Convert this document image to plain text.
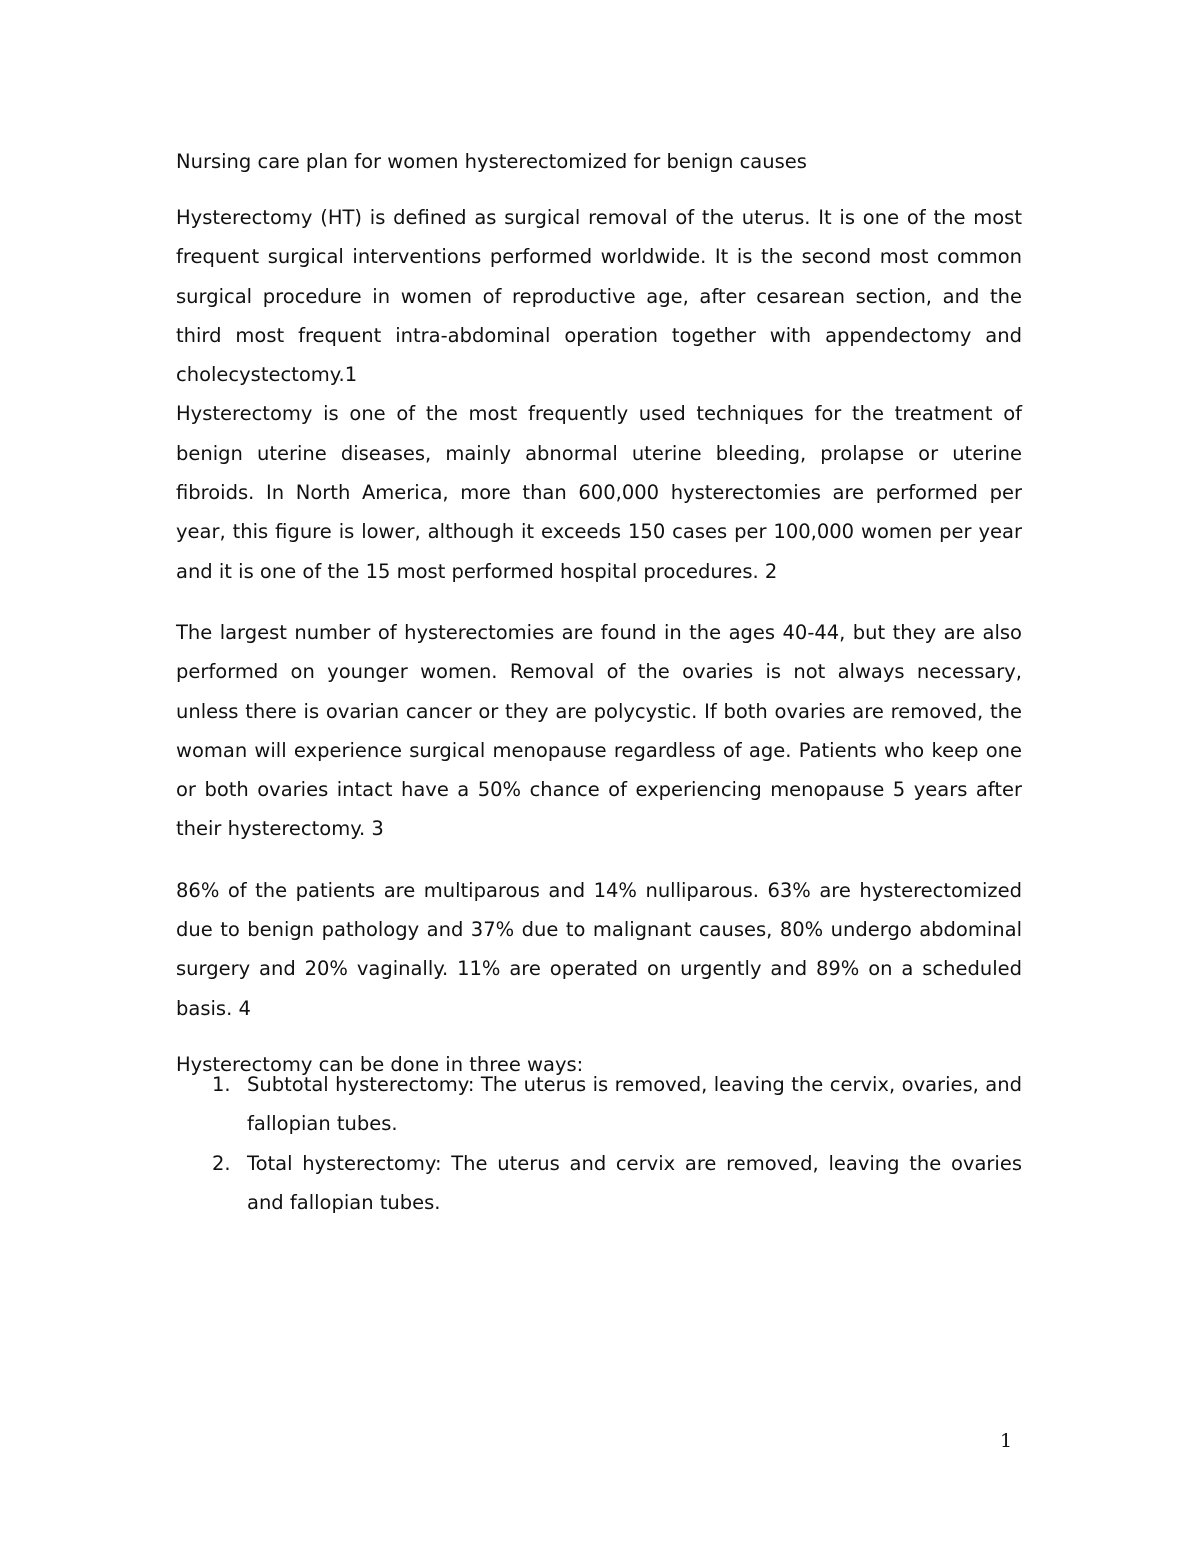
Nursing care plan for women hysterectomized for benign causes

Hysterectomy (HT) is defined as surgical removal of the uterus. It is one of the most frequent surgical interventions performed worldwide. It is the second most common surgical procedure in women of reproductive age, after cesarean section, and the third most frequent intra-abdominal operation together with appendectomy and cholecystectomy.1

Hysterectomy is one of the most frequently used techniques for the treatment of benign uterine diseases, mainly abnormal uterine bleeding, prolapse or uterine fibroids. In North America, more than 600,000 hysterectomies are performed per year, this figure is lower, although it exceeds 150 cases per 100,000 women per year and it is one of the 15 most performed hospital procedures. 2

The largest number of hysterectomies are found in the ages 40-44, but they are also performed on younger women. Removal of the ovaries is not always necessary, unless there is ovarian cancer or they are polycystic. If both ovaries are removed, the woman will experience surgical menopause regardless of age. Patients who keep one or both ovaries intact have a 50% chance of experiencing menopause 5 years after their hysterectomy. 3

86% of the patients are multiparous and 14% nulliparous. 63% are hysterectomized due to benign pathology and 37% due to malignant causes, 80% undergo abdominal surgery and 20% vaginally. 11% are operated on urgently and 89% on a scheduled basis. 4

Hysterectomy can be done in three ways:

1. Subtotal hysterectomy: The uterus is removed, leaving the cervix, ovaries, and fallopian tubes.
2. Total hysterectomy: The uterus and cervix are removed, leaving the ovaries and fallopian tubes.
1
